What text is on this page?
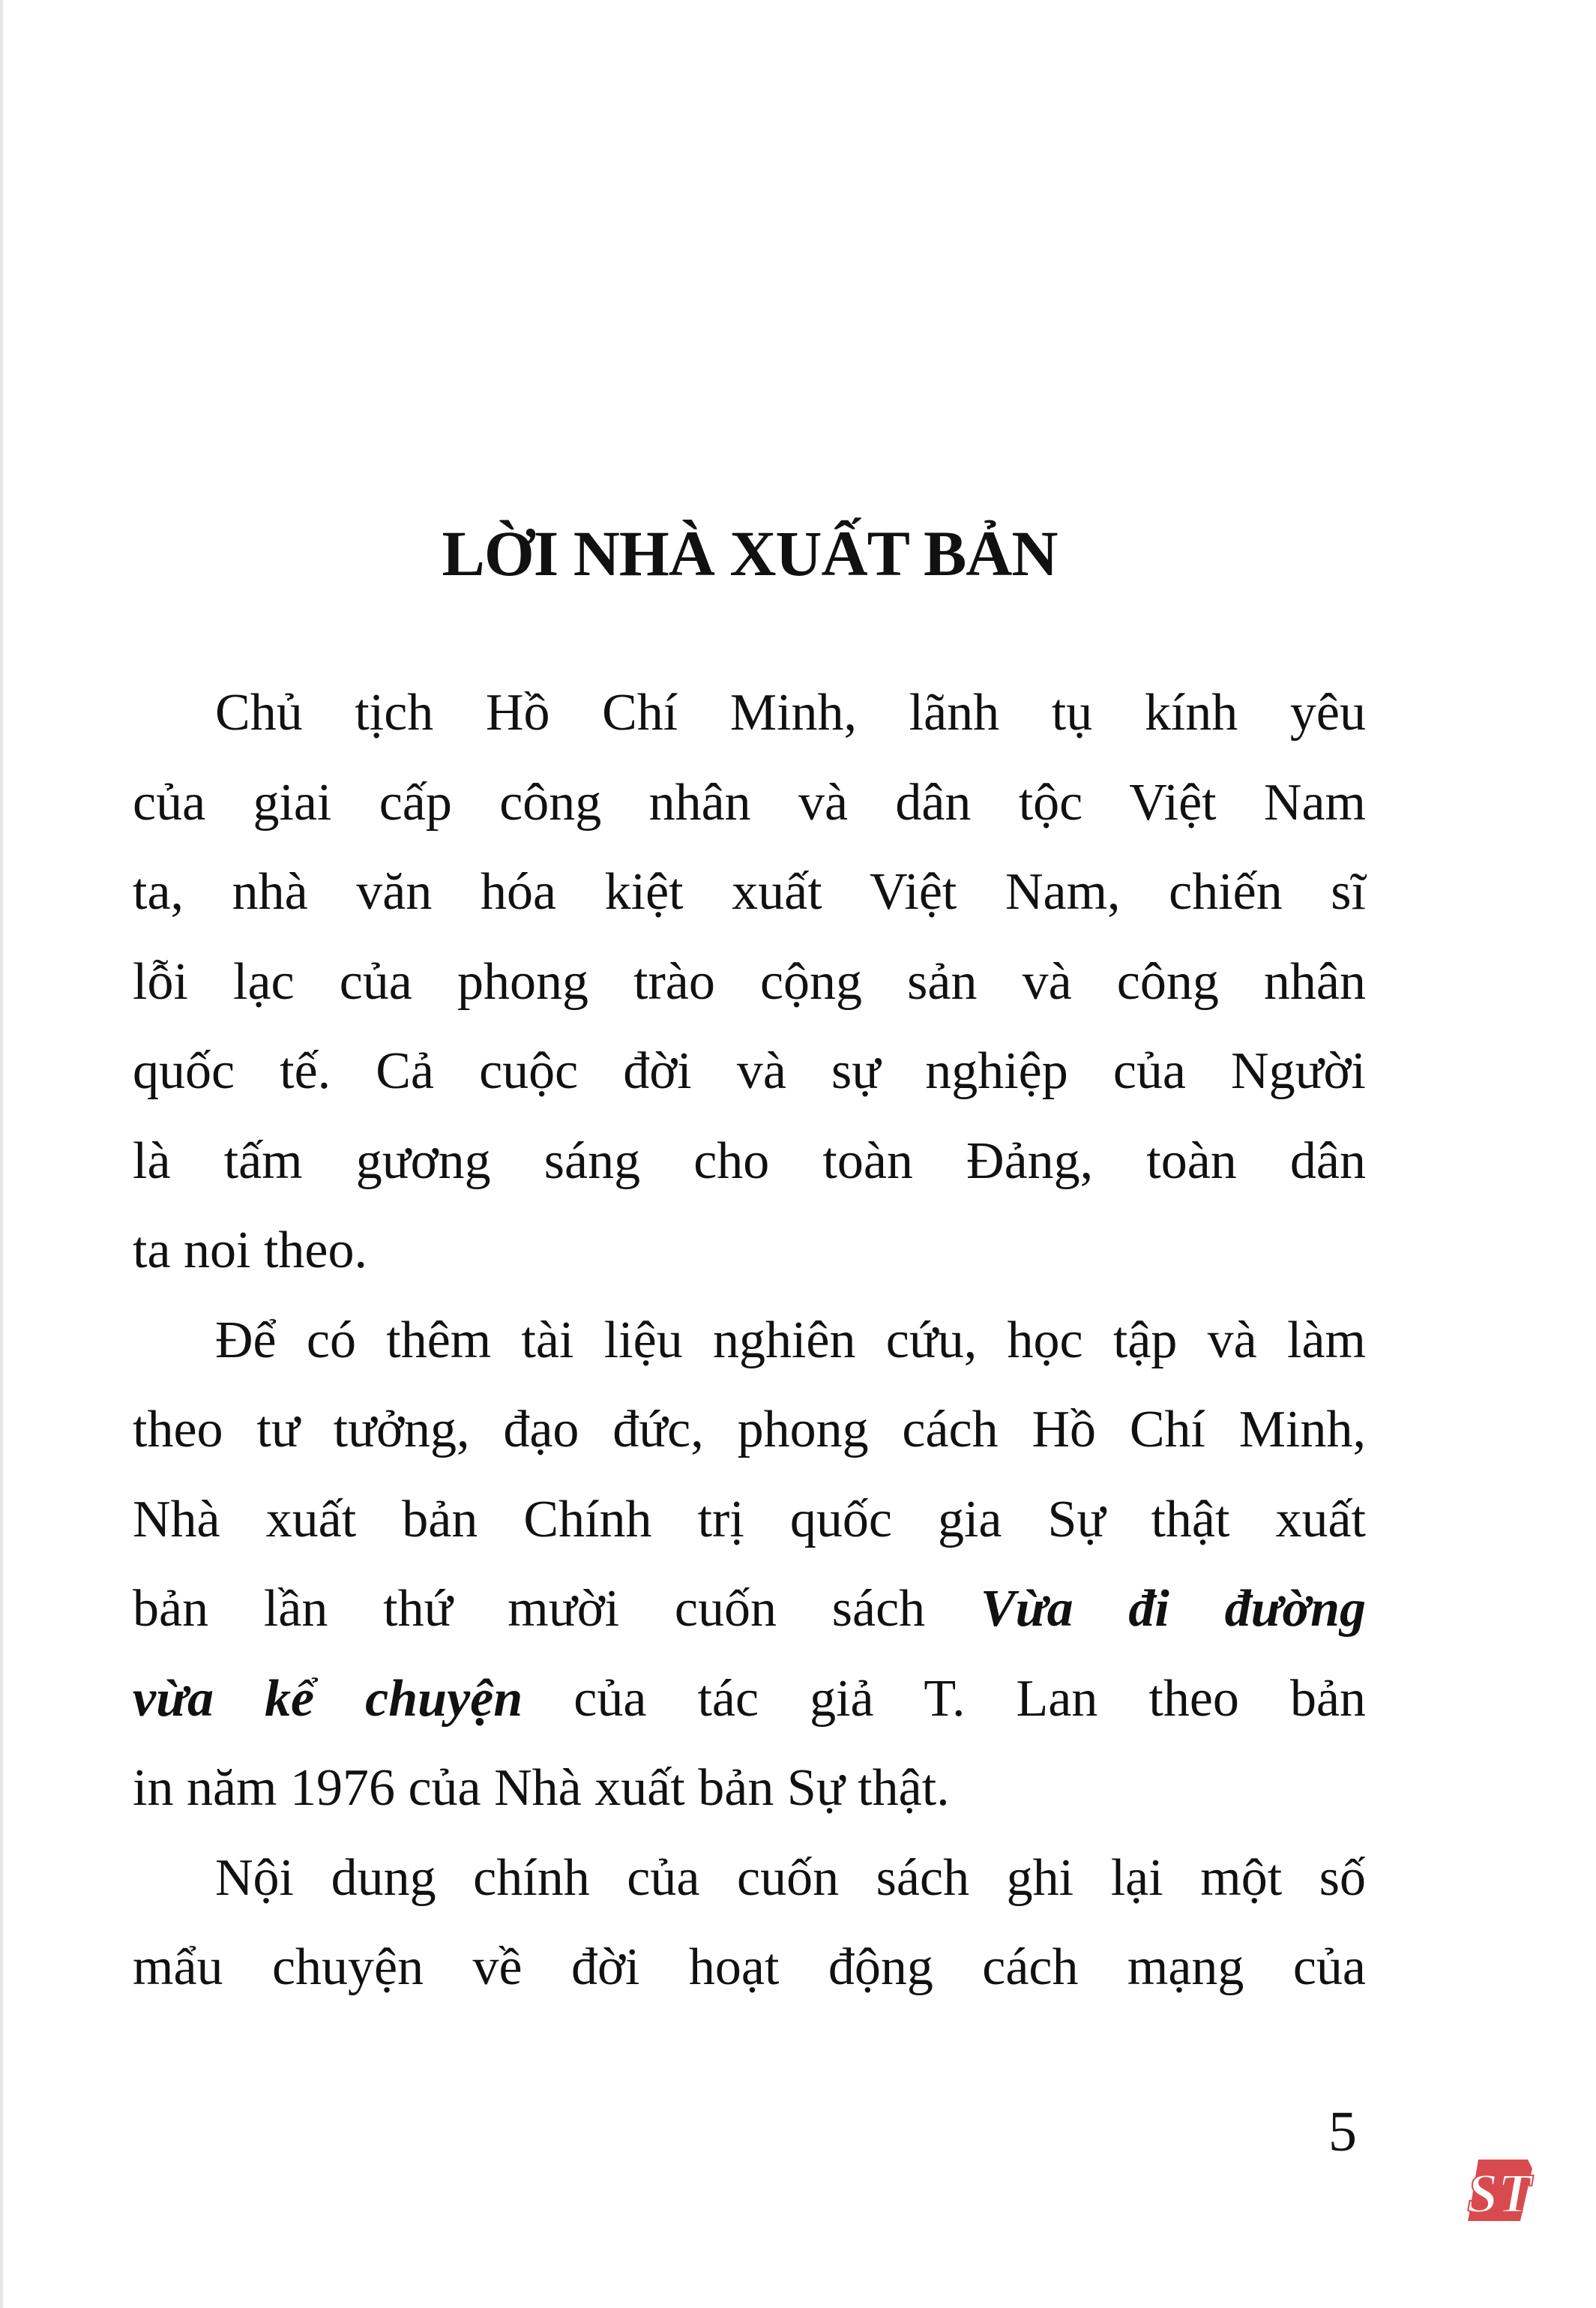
LỜI NHÀ XUẤT BẢN
Chủ tịch Hồ Chí Minh, lãnh tụ kính yêu
của giai cấp công nhân và dân tộc Việt Nam
ta, nhà văn hóa kiệt xuất Việt Nam, chiến sĩ
lỗi lạc của phong trào cộng sản và công nhân
quốc tế. Cả cuộc đời và sự nghiệp của Người
là tấm gương sáng cho toàn Đảng, toàn dân
ta noi theo.
Để có thêm tài liệu nghiên cứu, học tập và làm
theo tư tưởng, đạo đức, phong cách Hồ Chí Minh,
Nhà xuất bản Chính trị quốc gia Sự thật xuất
bản lần thứ mười cuốn sách Vừa đi đường
vừa kể chuyện của tác giả T. Lan theo bản
in năm 1976 của Nhà xuất bản Sự thật.
Nội dung chính của cuốn sách ghi lại một số
mẩu chuyện về đời hoạt động cách mạng của
5
ST
